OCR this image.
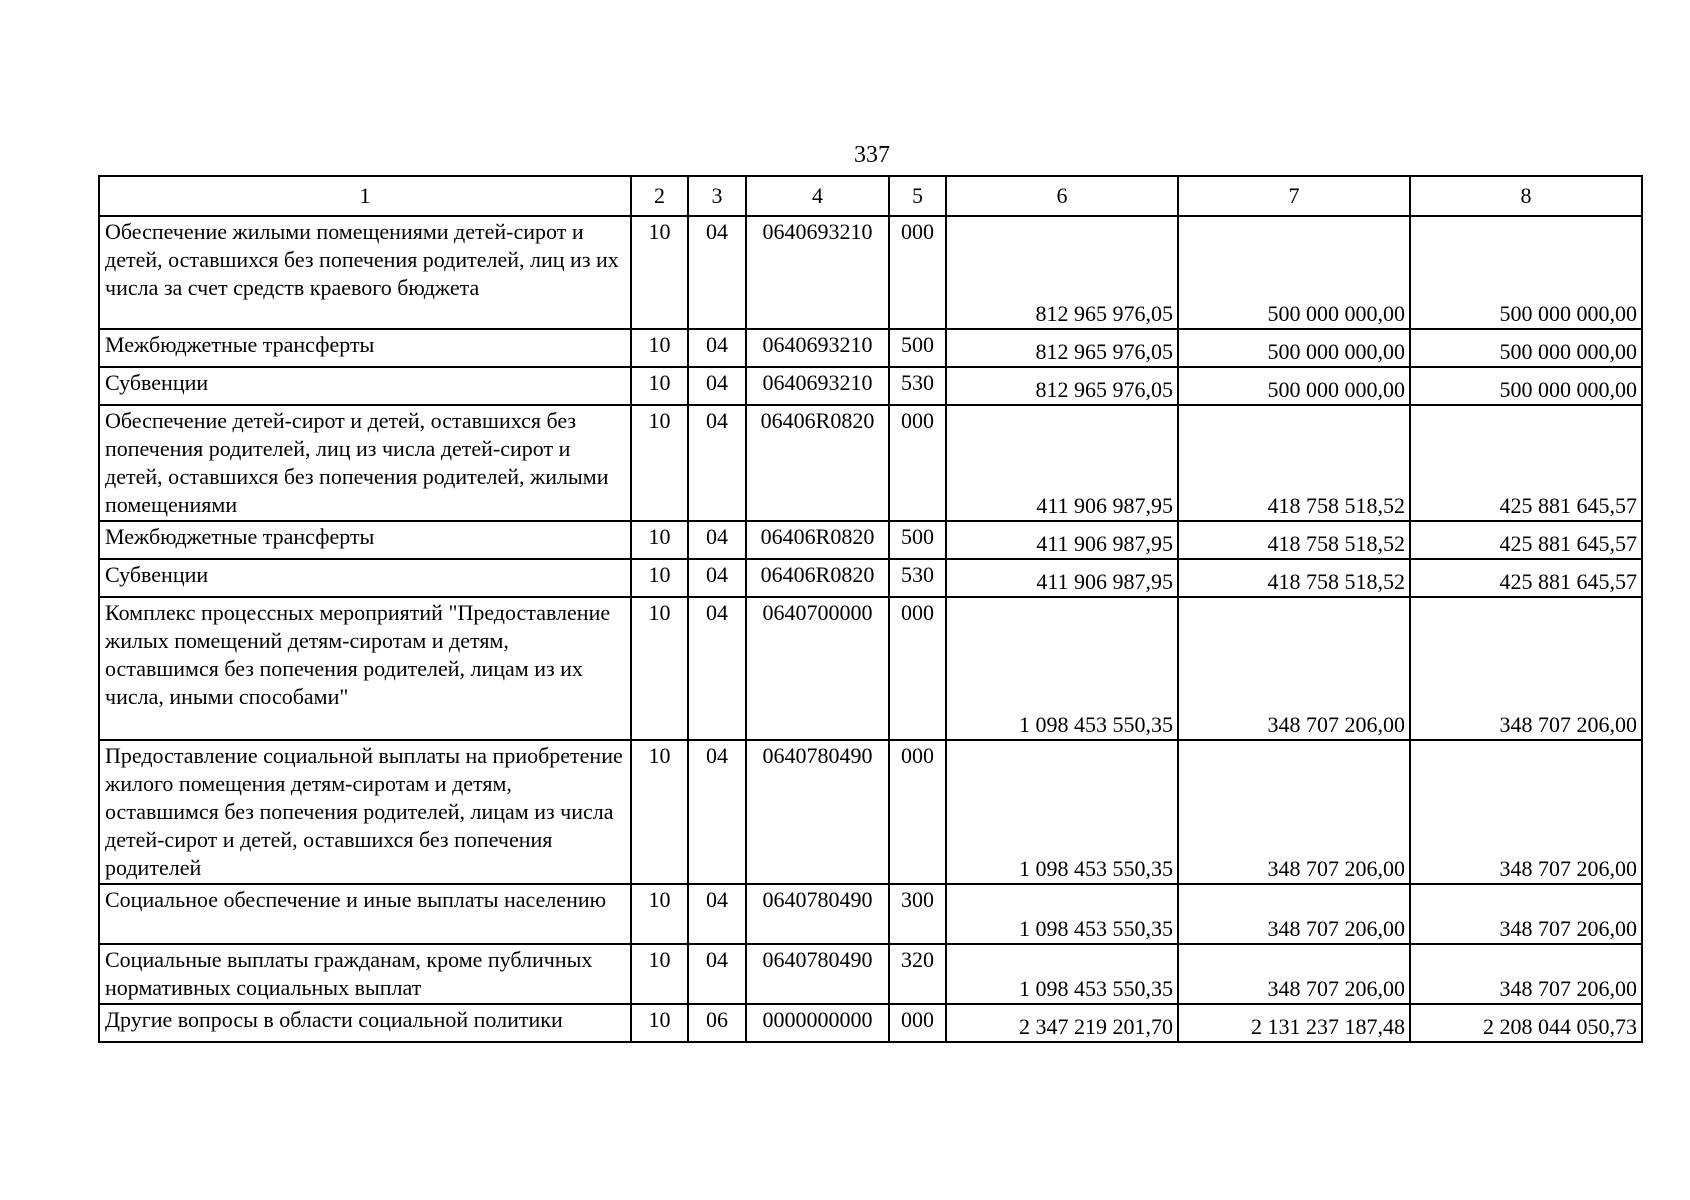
337
1	2	3	4	5	6	7	8
Обеспечение жилыми помещениями детей-сирот и детей, оставшихся без попечения родителей, лиц из их числа за счет средств краевого бюджета	10	04	0640693210	000	812 965 976,05	500 000 000,00	500 000 000,00
Межбюджетные трансферты	10	04	0640693210	500	812 965 976,05	500 000 000,00	500 000 000,00
Субвенции	10	04	0640693210	530	812 965 976,05	500 000 000,00	500 000 000,00
Обеспечение детей-сирот и детей, оставшихся без попечения родителей, лиц из числа детей-сирот и детей, оставшихся без попечения родителей, жилыми помещениями	10	04	06406R0820	000	411 906 987,95	418 758 518,52	425 881 645,57
Межбюджетные трансферты	10	04	06406R0820	500	411 906 987,95	418 758 518,52	425 881 645,57
Субвенции	10	04	06406R0820	530	411 906 987,95	418 758 518,52	425 881 645,57
Комплекс процессных мероприятий "Предоставление жилых помещений детям-сиротам и детям, оставшимся без попечения родителей, лицам из их числа, иными способами"	10	04	0640700000	000	1 098 453 550,35	348 707 206,00	348 707 206,00
Предоставление социальной выплаты на приобретение жилого помещения детям-сиротам и детям, оставшимся без попечения родителей, лицам из числа детей-сирот и детей, оставшихся без попечения родителей	10	04	0640780490	000	1 098 453 550,35	348 707 206,00	348 707 206,00
Социальное обеспечение и иные выплаты населению	10	04	0640780490	300	1 098 453 550,35	348 707 206,00	348 707 206,00
Социальные выплаты гражданам, кроме публичных нормативных социальных выплат	10	04	0640780490	320	1 098 453 550,35	348 707 206,00	348 707 206,00
Другие вопросы в области социальной политики	10	06	0000000000	000	2 347 219 201,70	2 131 237 187,48	2 208 044 050,73
